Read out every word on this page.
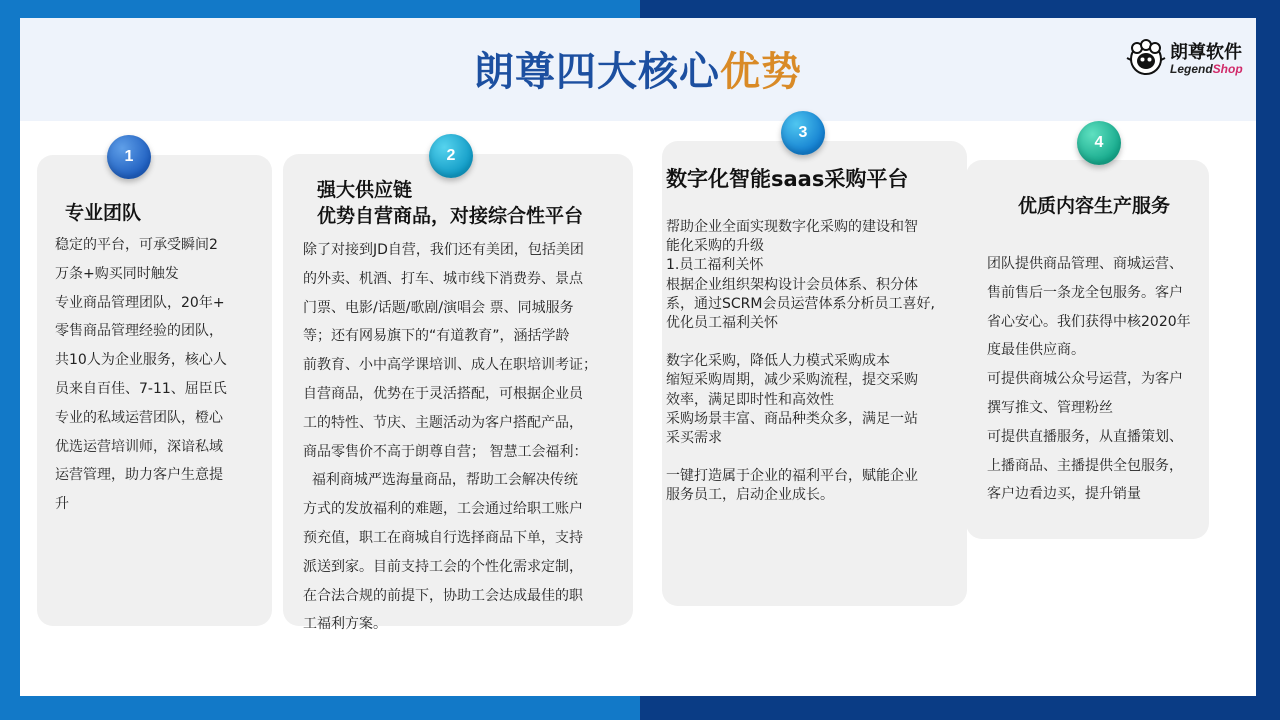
朗尊四大核心优势	朗尊软件
LegendShop
1	2
3
4
专业团队
强大供应链
优势自营商品，对接综合性平台
数字化智能saas采购平台
优质内容生产服务
稳定的平台，可承受瞬间2
万条+购买同时触发
专业商品管理团队，20年+
零售商品管理经验的团队，
共10人为企业服务，核心人
员来自百佳、7-11、屈臣氏
专业的私域运营团队，橙心
优选运营培训师，深谙私域
运营管理，助力客户生意提
升
除了对接到JD自营，我们还有美团，包括美团
的外卖、机酒、打车、城市线下消费券、景点
门票、电影/话题/歌剧/演唱会 票、同城服务
等；还有网易旗下的“有道教育”，涵括学龄
前教育、小中高学课培训、成人在职培训考证；
自营商品，优势在于灵活搭配，可根据企业员
工的特性、节庆、主题活动为客户搭配产品，
商品零售价不高于朗尊自营； 智慧工会福利：
福利商城严选海量商品，帮助工会解决传统
方式的发放福利的难题，工会通过给职工账户
预充值，职工在商城自行选择商品下单，支持
派送到家。目前支持工会的个性化需求定制，
在合法合规的前提下，协助工会达成最佳的职
工福利方案。
帮助企业全面实现数字化采购的建设和智
能化采购的升级
1.员工福利关怀
根据企业组织架构设计会员体系、积分体
系，通过SCRM会员运营体系分析员工喜好,
优化员工福利关怀
数字化采购，降低人力模式采购成本
缩短采购周期，减少采购流程，提交采购
效率，满足即时性和高效性
采购场景丰富、商品种类众多，满足一站
采买需求
一键打造属于企业的福利平台，赋能企业
服务员工，启动企业成长。
团队提供商品管理、商城运营、
售前售后一条龙全包服务。客户
省心安心。我们获得中核2020年
度最佳供应商。
可提供商城公众号运营，为客户
撰写推文、管理粉丝
可提供直播服务，从直播策划、
上播商品、主播提供全包服务，
客户边看边买，提升销量
